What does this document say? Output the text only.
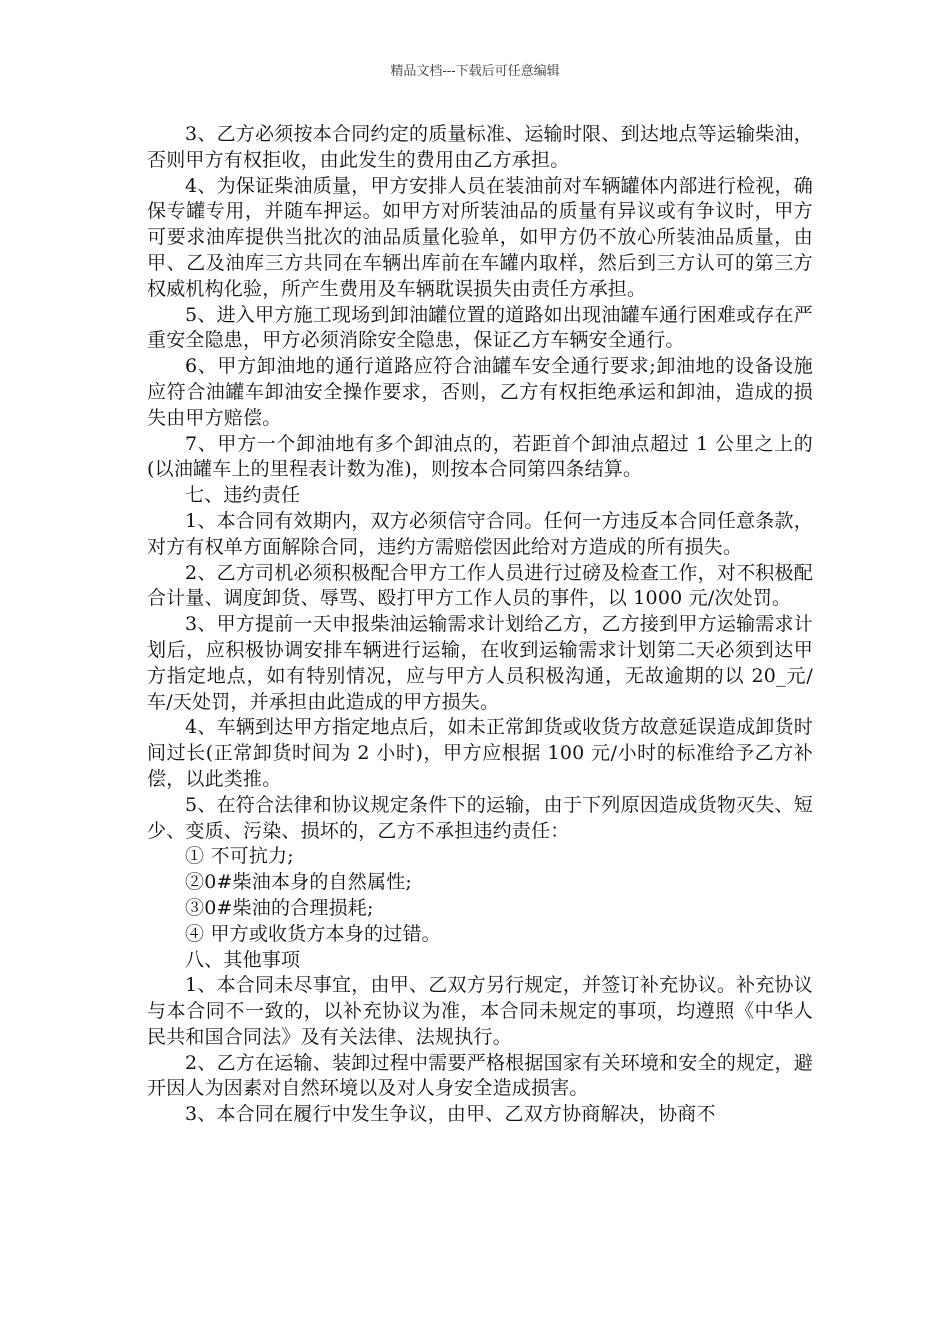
精品文档---下载后可任意编辑

3、乙方必须按本合同约定的质量标准、运输时限、到达地点等运输柴油，否则甲方有权拒收，由此发生的费用由乙方承担。

4、为保证柴油质量，甲方安排人员在装油前对车辆罐体内部进行检视，确保专罐专用，并随车押运。如甲方对所装油品的质量有异议或有争议时，甲方可要求油库提供当批次的油品质量化验单，如甲方仍不放心所装油品质量，由甲、乙及油库三方共同在车辆出库前在车罐内取样，然后到三方认可的第三方权威机构化验，所产生费用及车辆耽误损失由责任方承担。

5、进入甲方施工现场到卸油罐位置的道路如出现油罐车通行困难或存在严重安全隐患，甲方必须消除安全隐患，保证乙方车辆安全通行。

6、甲方卸油地的通行道路应符合油罐车安全通行要求;卸油地的设备设施应符合油罐车卸油安全操作要求，否则，乙方有权拒绝承运和卸油，造成的损失由甲方赔偿。

7、甲方一个卸油地有多个卸油点的，若距首个卸油点超过 1 公里之上的(以油罐车上的里程表计数为准)，则按本合同第四条结算。

七、违约责任

1、本合同有效期内，双方必须信守合同。任何一方违反本合同任意条款，对方有权单方面解除合同，违约方需赔偿因此给对方造成的所有损失。

2、乙方司机必须积极配合甲方工作人员进行过磅及检查工作，对不积极配合计量、调度卸货、辱骂、殴打甲方工作人员的事件，以 1000 元/次处罚。

3、甲方提前一天申报柴油运输需求计划给乙方，乙方接到甲方运输需求计划后，应积极协调安排车辆进行运输，在收到运输需求计划第二天必须到达甲方指定地点，如有特别情况，应与甲方人员积极沟通，无故逾期的以 20_元/车/天处罚，并承担由此造成的甲方损失。

4、车辆到达甲方指定地点后，如未正常卸货或收货方故意延误造成卸货时间过长(正常卸货时间为 2 小时)，甲方应根据 100 元/小时的标准给予乙方补偿，以此类推。

5、在符合法律和协议规定条件下的运输，由于下列原因造成货物灭失、短少、变质、污染、损坏的，乙方不承担违约责任：

① 不可抗力;

②0#柴油本身的自然属性;

③0#柴油的合理损耗;

④ 甲方或收货方本身的过错。

八、其他事项

1、本合同未尽事宜，由甲、乙双方另行规定，并签订补充协议。补充协议与本合同不一致的，以补充协议为准，本合同未规定的事项，均遵照《中华人民共和国合同法》及有关法律、法规执行。

2、乙方在运输、装卸过程中需要严格根据国家有关环境和安全的规定，避开因人为因素对自然环境以及对人身安全造成损害。

3、本合同在履行中发生争议，由甲、乙双方协商解决，协商不
